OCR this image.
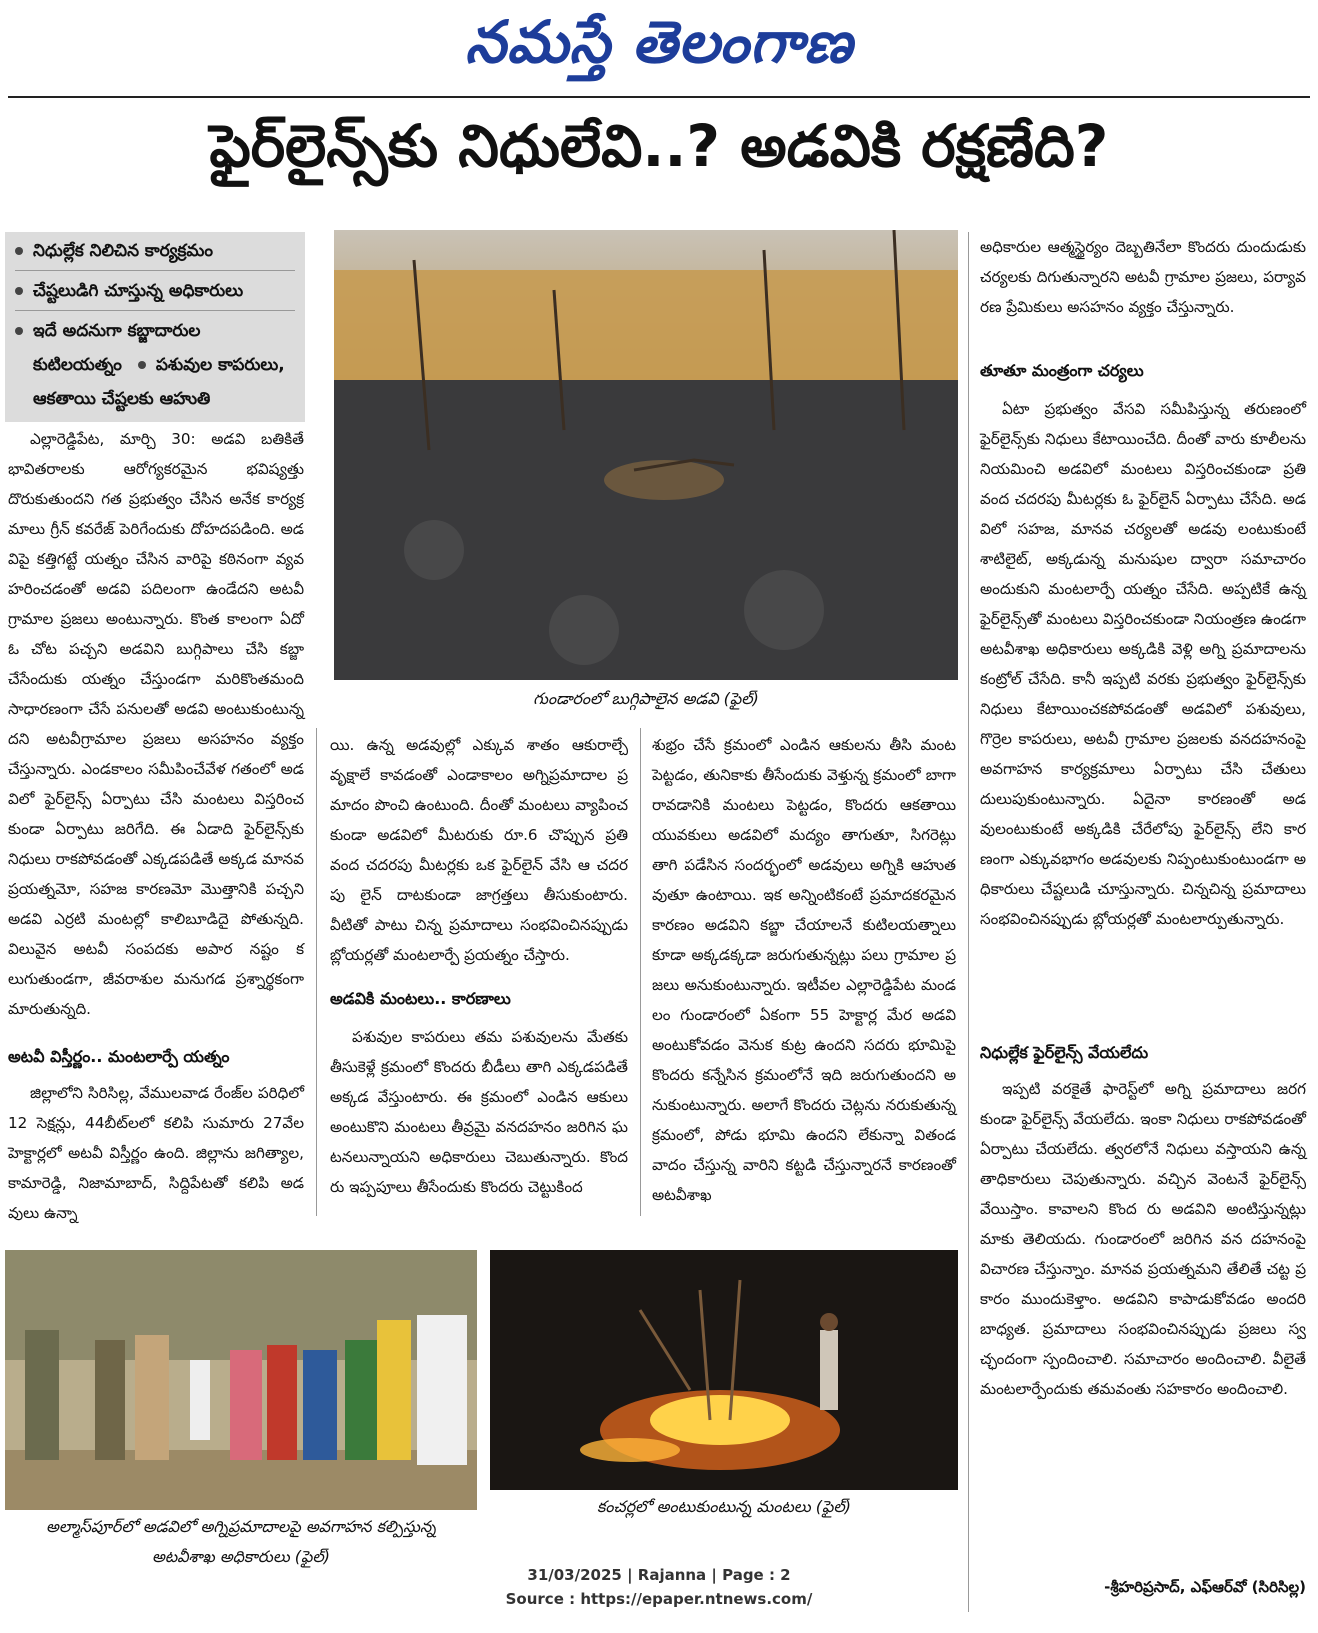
నమస్తే తెలంగాణ
ఫైర్‌లైన్స్‌కు నిధులేవి..? అడవికి రక్షణేది?
నిధుల్లేక నిలిచిన కార్యక్రమం
చేష్టలుడిగి చూస్తున్న అధికారులు
ఇదే అదనుగా కబ్జాదారుల
కుటిలయత్నం పశువుల కాపరులు,
ఆకతాయి చేష్టలకు ఆహుతి
గుండారంలో బుగ్గిపాలైన అడవి (ఫైల్)

ఎల్లారెడ్డిపేట, మార్చి 30: అడవి బతికితే భావితరాలకు ఆరోగ్యకరమైన భవిష్యత్తు దొరుకుతుందని గత ప్రభుత్వం చేసిన అనేక కార్యక్రమాలు గ్రీన్ కవరేజ్ పెరిగేందుకు దోహదపడింది. అడవిపై కత్తిగట్టే యత్నం చేసిన వారిపై కఠినంగా వ్యవహరించడంతో అడవి పదిలంగా ఉండేదని అటవీ గ్రామాల ప్రజలు అంటున్నారు. కొంత కాలంగా ఏదో ఓ చోట పచ్చని అడవిని బుగ్గిపాలు చేసి కబ్జా చేసేందుకు యత్నం చేస్తుండగా మరికొంతమంది సాధారణంగా చేసే పనులతో అడవి అంటుకుంటున్నదని అటవీగ్రామాల ప్రజలు అసహనం వ్యక్తం చేస్తున్నారు. ఎండకాలం సమీపించేవేళ గతంలో అడవిలో ఫైర్‌లైన్స్ ఏర్పాటు చేసి మంటలు విస్తరించకుండా ఏర్పాటు జరిగేది. ఈ ఏడాది ఫైర్‌లైన్స్‌కు నిధులు రాకపోవడంతో ఎక్కడపడితే అక్కడ మానవ ప్రయత్నమో, సహజ కారణమో మొత్తానికి పచ్చని అడవి ఎర్రటి మంటల్లో కాలిబూడిదై పోతున్నది. విలువైన అటవీ సంపదకు అపార నష్టం కలుగుతుండగా, జీవరాశుల మనుగడ ప్రశ్నార్థకంగా మారుతున్నది.

అటవీ విస్తీర్ణం.. మంటలార్పే యత్నం

జిల్లాలోని సిరిసిల్ల, వేములవాడ రేంజ్‌ల పరిధిలో 12 సెక్షన్లు, 44బీట్‌లలో కలిపి సుమారు 27వేల హెక్టార్లలో అటవీ విస్తీర్ణం ఉంది. జిల్లాను జగిత్యాల, కామారెడ్డి, నిజామాబాద్, సిద్దిపేటతో కలిపి అడవులు ఉన్నా

యి. ఉన్న అడవుల్లో ఎక్కువ శాతం ఆకురాల్చే వృక్షాలే కావడంతో ఎండాకాలం అగ్నిప్రమాదాల ప్రమాదం పొంచి ఉంటుంది. దీంతో మంటలు వ్యాపించకుండా అడవిలో మీటరుకు రూ.6 చొప్పున ప్రతి వంద చదరపు మీటర్లకు ఒక ఫైర్‌లైన్ వేసి ఆ చదరపు లైన్ దాటకుండా జాగ్రత్తలు తీసుకుంటారు. వీటితో పాటు చిన్న ప్రమాదాలు సంభవించినప్పుడు బ్లోయర్లతో మంటలార్పే ప్రయత్నం చేస్తారు.

అడవికి మంటలు.. కారణాలు

పశువుల కాపరులు తమ పశువులను మేతకు తీసుకెళ్లే క్రమంలో కొందరు బీడీలు తాగి ఎక్కడపడితే అక్కడ వేస్తుంటారు. ఈ క్రమంలో ఎండిన ఆకులు అంటుకొని మంటలు తీవ్రమై వనదహనం జరిగిన ఘటనలున్నాయని అధికారులు చెబుతున్నారు. కొందరు ఇప్పపూలు తీసేందుకు కొందరు చెట్టుకింద

శుభ్రం చేసే క్రమంలో ఎండిన ఆకులను తీసి మంటపెట్టడం, తునికాకు తీసేందుకు వెళ్తున్న క్రమంలో బాగా రావడానికి మంటలు పెట్టడం, కొందరు ఆకతాయి యువకులు అడవిలో మద్యం తాగుతూ, సిగరెట్లు తాగి పడేసిన సందర్భంలో అడవులు అగ్నికి ఆహుతవుతూ ఉంటాయి. ఇక అన్నింటికంటే ప్రమాదకరమైన కారణం అడవిని కబ్జా చేయాలనే కుటిలయత్నాలు కూడా అక్కడక్కడా జరుగుతున్నట్లు పలు గ్రామాల ప్రజలు అనుకుంటున్నారు. ఇటీవల ఎల్లారెడ్డిపేట మండలం గుండారంలో ఏకంగా 55 హెక్టార్ల మేర అడవి అంటుకోవడం వెనుక కుట్ర ఉందని సదరు భూమిపై కొందరు కన్నేసిన క్రమంలోనే ఇది జరుగుతుందని అనుకుంటున్నారు. అలాగే కొందరు చెట్లను నరుకుతున్న క్రమంలో, పోడు భూమి ఉందని లేకున్నా వితండవాదం చేస్తున్న వారిని కట్టడి చేస్తున్నారనే కారణంతో అటవీశాఖ

అధికారుల ఆత్మస్థైర్యం దెబ్బతినేలా కొందరు దుందుడుకు చర్యలకు దిగుతున్నారని అటవీ గ్రామాల ప్రజలు, పర్యావరణ ప్రేమికులు అసహనం వ్యక్తం చేస్తున్నారు.

తూతూ మంత్రంగా చర్యలు

ఏటా ప్రభుత్వం వేసవి సమీపిస్తున్న తరుణంలో ఫైర్‌లైన్స్‌కు నిధులు కేటాయించేది. దీంతో వారు కూలీలను నియమించి అడవిలో మంటలు విస్తరించకుండా ప్రతి వంద చదరపు మీటర్లకు ఓ ఫైర్‌లైన్ ఏర్పాటు చేసేది. అడవిలో సహజ, మానవ చర్యలతో అడవు లంటుకుంటే శాటిలైట్, అక్కడున్న మనుషుల ద్వారా సమాచారం అందుకుని మంటలార్పే యత్నం చేసేది. అప్పటికే ఉన్న ఫైర్‌లైన్స్‌తో మంటలు విస్తరించకుండా నియంత్రణ ఉండగా అటవీశాఖ అధికారులు అక్కడికి వెళ్లి అగ్ని ప్రమాదాలను కంట్రోల్ చేసేది. కానీ ఇప్పటి వరకు ప్రభుత్వం ఫైర్‌లైన్స్‌కు నిధులు కేటాయించకపోవడంతో అడవిలో పశువులు, గొర్రెల కాపరులు, అటవీ గ్రామాల ప్రజలకు వనదహనంపై అవగాహన కార్యక్రమాలు ఏర్పాటు చేసి చేతులు దులుపుకుంటున్నారు. ఏదైనా కారణంతో అడవులంటుకుంటే అక్కడికి చేరేలోపు ఫైర్‌లైన్స్ లేని కారణంగా ఎక్కువభాగం అడవులకు నిప్పంటుకుంటుండగా అధికారులు చేష్టలుడి చూస్తున్నారు. చిన్నచిన్న ప్రమాదాలు సంభవించినప్పుడు బ్లోయర్లతో మంటలార్పుతున్నారు.

నిధుల్లేక ఫైర్‌లైన్స్ వేయలేదు

ఇప్పటి వరకైతే ఫారెస్ట్‌లో అగ్ని ప్రమాదాలు జరగకుండా ఫైర్‌లైన్స్ వేయలేదు. ఇంకా నిధులు రాకపోవడంతో ఏర్పాటు చేయలేదు. త్వరలోనే నిధులు వస్తాయని ఉన్నతాధికారులు చెపుతున్నారు. వచ్చిన వెంటనే ఫైర్‌లైన్స్ వేయిస్తాం. కావాలని కొంద రు అడవిని అంటిస్తున్నట్లు మాకు తెలియదు. గుండారంలో జరిగిన వన దహనంపై విచారణ చేస్తున్నాం. మానవ ప్రయత్నమని తేలితే చట్ట ప్రకారం ముందుకెళ్తాం. అడవిని కాపాడుకోవడం అందరి బాధ్యత. ప్రమాదాలు సంభవించినప్పుడు ప్రజలు స్వచ్ఛందంగా స్పందించాలి. సమాచారం అందించాలి. వీలైతే మంటలార్పేందుకు తమవంతు సహకారం అందించాలి.

-శ్రీహరిప్రసాద్, ఎఫ్‌ఆర్‌వో (సిరిసిల్ల)
అల్మాస్‌పూర్‌లో అడవిలో అగ్నిప్రమాదాలపై అవగాహన కల్పిస్తున్న
అటవీశాఖ అధికారులు (ఫైల్)
కంచర్లలో అంటుకుంటున్న మంటలు (ఫైల్)
31/03/2025 | Rajanna | Page : 2
Source : https://epaper.ntnews.com/
